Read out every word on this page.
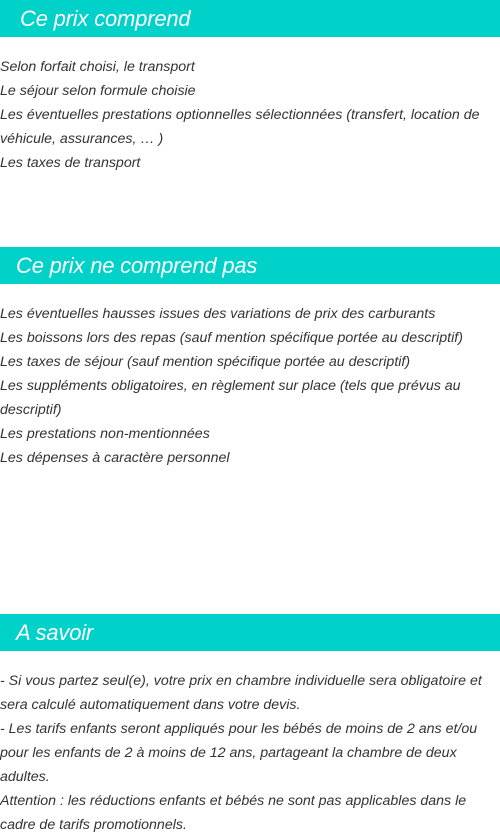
Ce prix comprend

Selon forfait choisi, le transport

Le séjour selon formule choisie

Les éventuelles prestations optionnelles sélectionnées (transfert, location de véhicule, assurances, … )

Les taxes de transport

Ce prix ne comprend pas

Les éventuelles hausses issues des variations de prix des carburants

Les boissons lors des repas (sauf mention spécifique portée au descriptif)

Les taxes de séjour (sauf mention spécifique portée au descriptif)

Les suppléments obligatoires, en règlement sur place (tels que prévus au descriptif)

Les prestations non-mentionnées

Les dépenses à caractère personnel

A savoir

- Si vous partez seul(e), votre prix en chambre individuelle sera obligatoire et sera calculé automatiquement dans votre devis.

- Les tarifs enfants seront appliqués pour les bébés de moins de 2 ans et/ou pour les enfants de 2 à moins de 12 ans, partageant la chambre de deux adultes.

Attention : les réductions enfants et bébés ne sont pas applicables dans le cadre de tarifs promotionnels.
